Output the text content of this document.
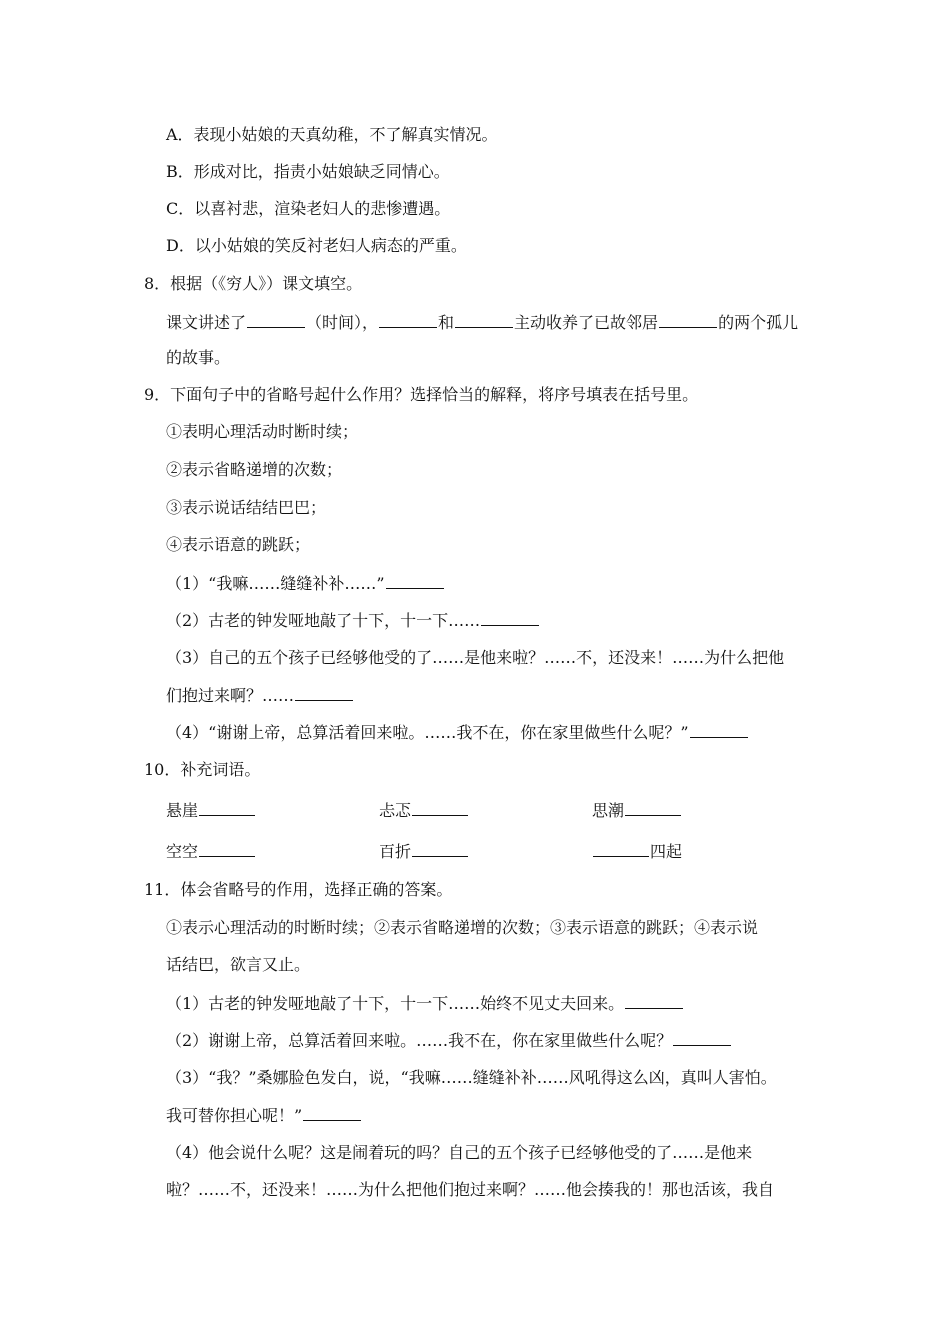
A．表现小姑娘的天真幼稚，不了解真实情况。
B．形成对比，指责小姑娘缺乏同情心。
C．以喜衬悲，渲染老妇人的悲惨遭遇。
D．以小姑娘的笑反衬老妇人病态的严重。
8．根据（《穷人》）课文填空。
课文讲述了	（时间），	和	主动收养了已故邻居	的两个孤儿
的故事。
9．下面句子中的省略号起什么作用？选择恰当的解释，将序号填表在括号里。
①表明心理活动时断时续；
②表示省略递增的次数；
③表示说话结结巴巴；
④表示语意的跳跃；
（1）“我嘛……缝缝补补……”
（2）古老的钟发哑地敲了十下，十一下……
（3）自己的五个孩子已经够他受的了……是他来啦？……不，还没来！……为什么把他
们抱过来啊？……
（4）“谢谢上帝，总算活着回来啦。……我不在，你在家里做些什么呢？”
10．补充词语。
悬崖	忐忑	思潮
空空	百折	四起
11．体会省略号的作用，选择正确的答案。
①表示心理活动的时断时续；②表示省略递增的次数；③表示语意的跳跃；④表示说
话结巴，欲言又止。
（1）古老的钟发哑地敲了十下，十一下……始终不见丈夫回来。
（2）谢谢上帝，总算活着回来啦。……我不在，你在家里做些什么呢？
（3）“我？”桑娜脸色发白，说，“我嘛……缝缝补补……风吼得这么凶，真叫人害怕。
我可替你担心呢！”
（4）他会说什么呢？这是闹着玩的吗？自己的五个孩子已经够他受的了……是他来
啦？……不，还没来！……为什么把他们抱过来啊？……他会揍我的！那也活该，我自
